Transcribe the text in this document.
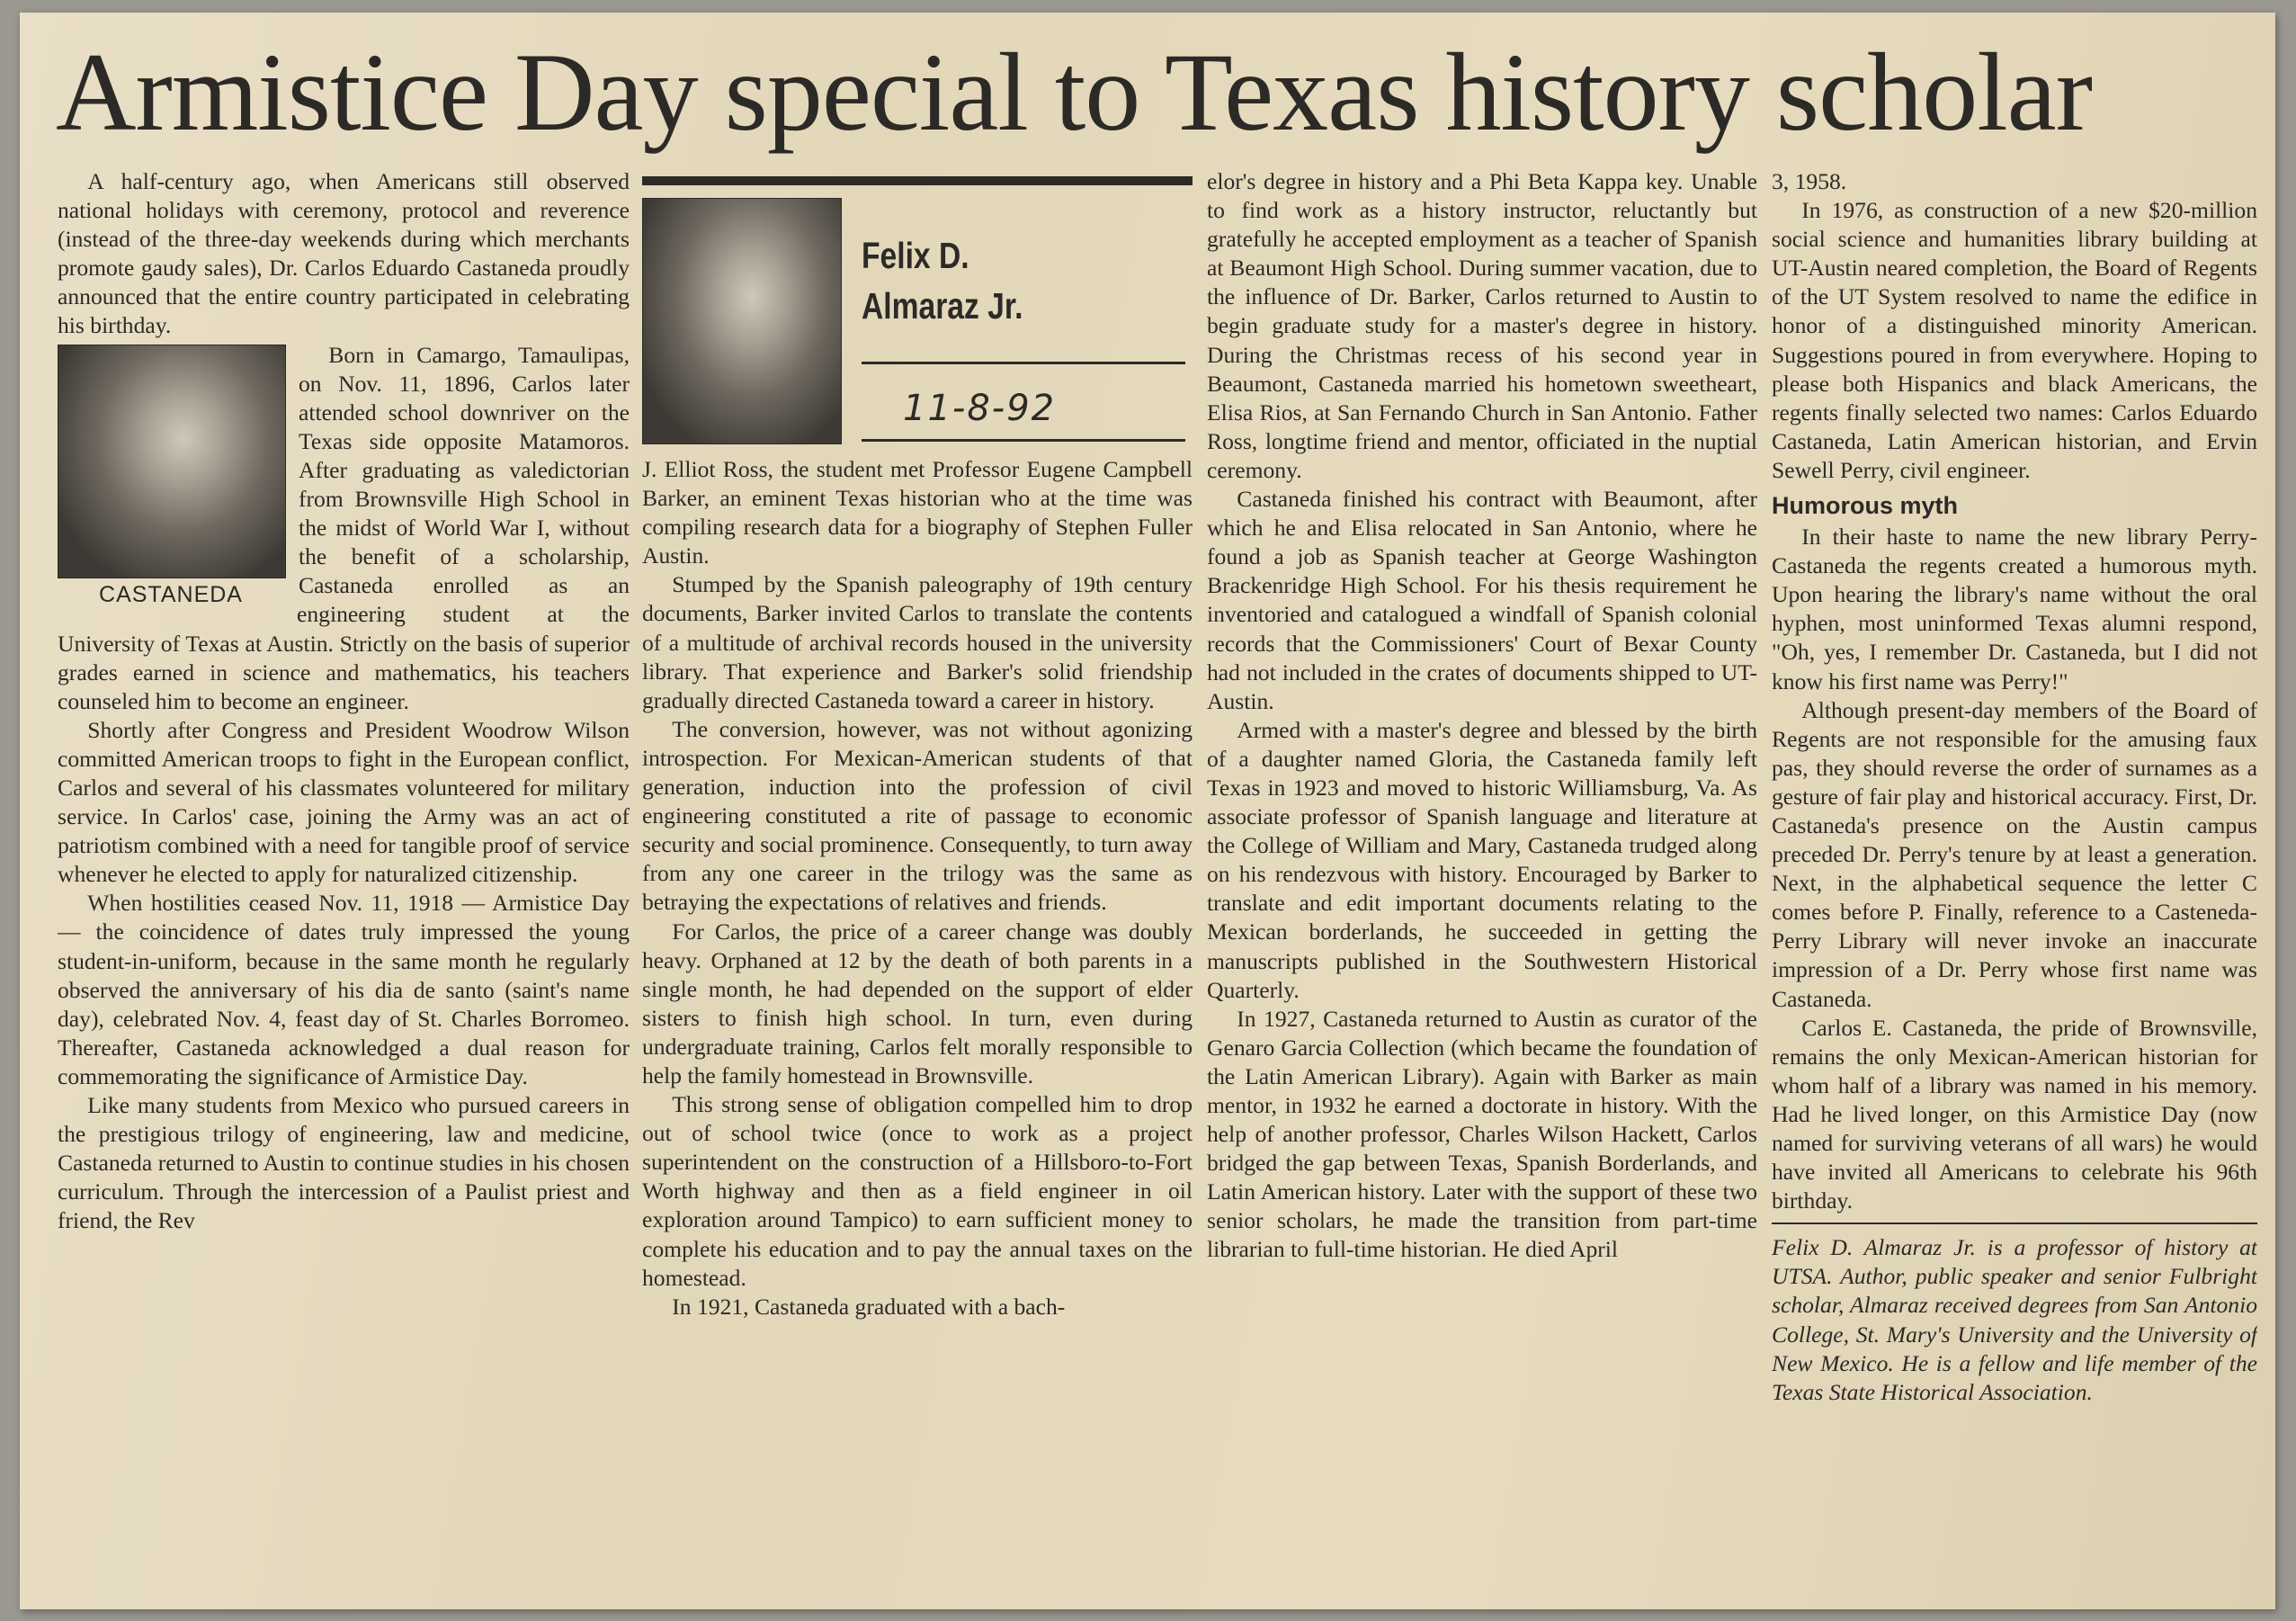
Armistice Day special to Texas history scholar

A half-century ago, when Americans still observed national holidays with ceremony, protocol and reverence (instead of the three-day weekends during which merchants promote gaudy sales), Dr. Carlos Eduardo Castaneda proudly announced that the entire country participated in celebrating his birthday.

CASTANEDA

Born in Camargo, Tamaulipas, on Nov. 11, 1896, Carlos later attended school downriver on the Texas side opposite Matamoros. After graduating as valedictorian from Brownsville High School in the midst of World War I, without the benefit of a scholarship, Castaneda enrolled as an engineering student at the University of Texas at Austin. Strictly on the basis of superior grades earned in science and mathematics, his teachers counseled him to become an engineer.

Shortly after Congress and President Woodrow Wilson committed American troops to fight in the European conflict, Carlos and several of his classmates volunteered for military service. In Carlos' case, joining the Army was an act of patriotism combined with a need for tangible proof of service whenever he elected to apply for naturalized citizenship.

When hostilities ceased Nov. 11, 1918 — Armistice Day — the coincidence of dates truly impressed the young student-in-uniform, because in the same month he regularly observed the anniversary of his dia de santo (saint's name day), celebrated Nov. 4, feast day of St. Charles Borromeo. Thereafter, Castaneda acknowledged a dual reason for commemorating the significance of Armistice Day.

Like many students from Mexico who pursued careers in the prestigious trilogy of engineering, law and medicine, Castaneda returned to Austin to continue studies in his chosen curriculum. Through the intercession of a Paulist priest and friend, the Rev

Felix D.
Almaraz Jr.
11-8-92

J. Elliot Ross, the student met Professor Eugene Campbell Barker, an eminent Texas historian who at the time was compiling research data for a biography of Stephen Fuller Austin.

Stumped by the Spanish paleography of 19th century documents, Barker invited Carlos to translate the contents of a multitude of archival records housed in the university library. That experience and Barker's solid friendship gradually directed Castaneda toward a career in history.

The conversion, however, was not without agonizing introspection. For Mexican-American students of that generation, induction into the profession of civil engineering constituted a rite of passage to economic security and social prominence. Consequently, to turn away from any one career in the trilogy was the same as betraying the expectations of relatives and friends.

For Carlos, the price of a career change was doubly heavy. Orphaned at 12 by the death of both parents in a single month, he had depended on the support of elder sisters to finish high school. In turn, even during undergraduate training, Carlos felt morally responsible to help the family homestead in Brownsville.

This strong sense of obligation compelled him to drop out of school twice (once to work as a project superintendent on the construction of a Hillsboro-to-Fort Worth highway and then as a field engineer in oil exploration around Tampico) to earn sufficient money to complete his education and to pay the annual taxes on the homestead.

In 1921, Castaneda graduated with a bach-

elor's degree in history and a Phi Beta Kappa key. Unable to find work as a history instructor, reluctantly but gratefully he accepted employment as a teacher of Spanish at Beaumont High School. During summer vacation, due to the influence of Dr. Barker, Carlos returned to Austin to begin graduate study for a master's degree in history. During the Christmas recess of his second year in Beaumont, Castaneda married his hometown sweetheart, Elisa Rios, at San Fernando Church in San Antonio. Father Ross, longtime friend and mentor, officiated in the nuptial ceremony.

Castaneda finished his contract with Beaumont, after which he and Elisa relocated in San Antonio, where he found a job as Spanish teacher at George Washington Brackenridge High School. For his thesis requirement he inventoried and catalogued a windfall of Spanish colonial records that the Commissioners' Court of Bexar County had not included in the crates of documents shipped to UT-Austin.

Armed with a master's degree and blessed by the birth of a daughter named Gloria, the Castaneda family left Texas in 1923 and moved to historic Williamsburg, Va. As associate professor of Spanish language and literature at the College of William and Mary, Castaneda trudged along on his rendezvous with history. Encouraged by Barker to translate and edit important documents relating to the Mexican borderlands, he succeeded in getting the manuscripts published in the Southwestern Historical Quarterly.

In 1927, Castaneda returned to Austin as curator of the Genaro Garcia Collection (which became the foundation of the Latin American Library). Again with Barker as main mentor, in 1932 he earned a doctorate in history. With the help of another professor, Charles Wilson Hackett, Carlos bridged the gap between Texas, Spanish Borderlands, and Latin American history. Later with the support of these two senior scholars, he made the transition from part-time librarian to full-time historian. He died April

3, 1958.

In 1976, as construction of a new $20-million social science and humanities library building at UT-Austin neared completion, the Board of Regents of the UT System resolved to name the edifice in honor of a distinguished minority American. Suggestions poured in from everywhere. Hoping to please both Hispanics and black Americans, the regents finally selected two names: Carlos Eduardo Castaneda, Latin American historian, and Ervin Sewell Perry, civil engineer.

Humorous myth

In their haste to name the new library Perry-Castaneda the regents created a humorous myth. Upon hearing the library's name without the oral hyphen, most uninformed Texas alumni respond, "Oh, yes, I remember Dr. Castaneda, but I did not know his first name was Perry!"

Although present-day members of the Board of Regents are not responsible for the amusing faux pas, they should reverse the order of surnames as a gesture of fair play and historical accuracy. First, Dr. Castaneda's presence on the Austin campus preceded Dr. Perry's tenure by at least a generation. Next, in the alphabetical sequence the letter C comes before P. Finally, reference to a Casteneda-Perry Library will never invoke an inaccurate impression of a Dr. Perry whose first name was Castaneda.

Carlos E. Castaneda, the pride of Brownsville, remains the only Mexican-American historian for whom half of a library was named in his memory. Had he lived longer, on this Armistice Day (now named for surviving veterans of all wars) he would have invited all Americans to celebrate his 96th birthday.

Felix D. Almaraz Jr. is a professor of history at UTSA. Author, public speaker and senior Fulbright scholar, Almaraz received degrees from San Antonio College, St. Mary's University and the University of New Mexico. He is a fellow and life member of the Texas State Historical Association.
